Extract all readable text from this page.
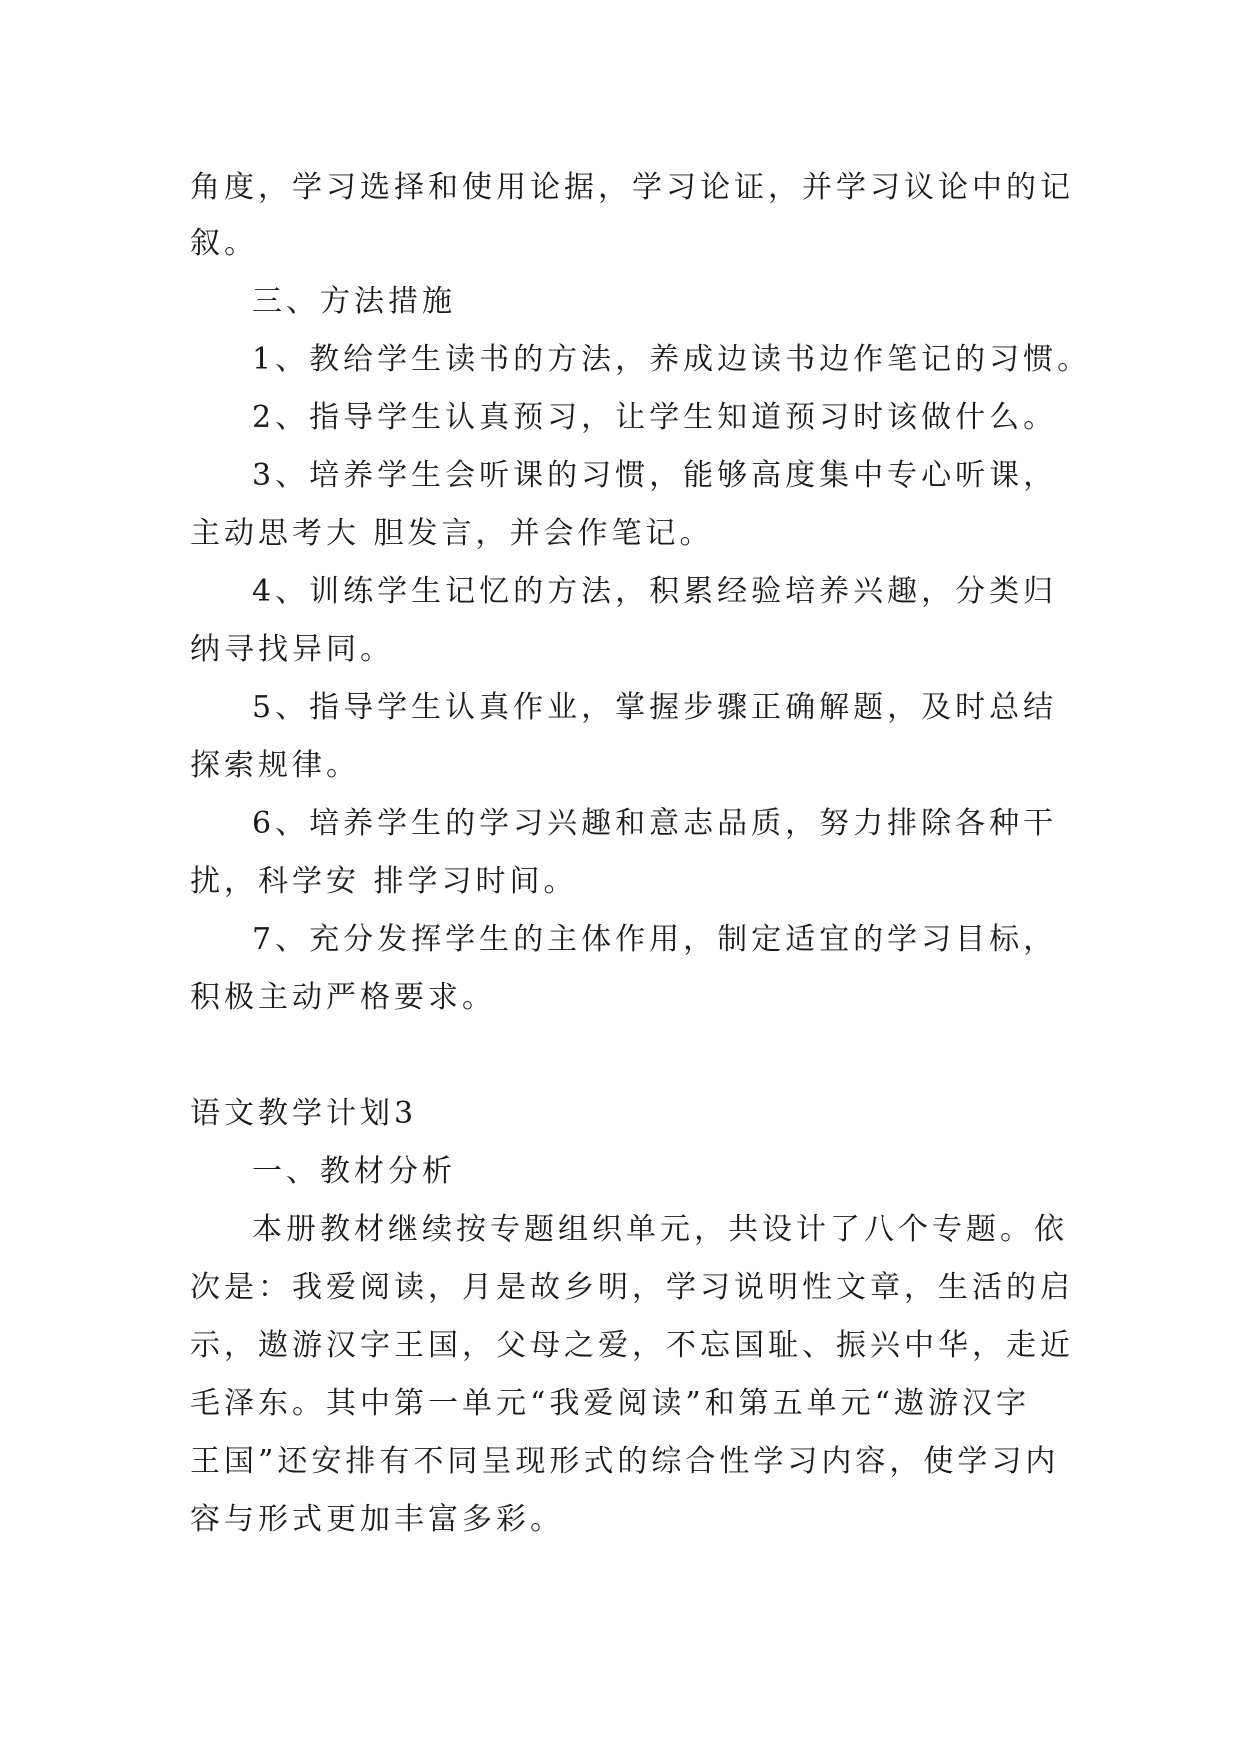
角度，学习选择和使用论据，学习论证，并学习议论中的记
叙。
三、方法措施
1、教给学生读书的方法，养成边读书边作笔记的习惯。
2、指导学生认真预习，让学生知道预习时该做什么。
3、培养学生会听课的习惯，能够高度集中专心听课，
主动思考大 胆发言，并会作笔记。
4、训练学生记忆的方法，积累经验培养兴趣，分类归
纳寻找异同。
5、指导学生认真作业，掌握步骤正确解题，及时总结
探索规律。
6、培养学生的学习兴趣和意志品质，努力排除各种干
扰，科学安 排学习时间。
7、充分发挥学生的主体作用，制定适宜的学习目标，
积极主动严格要求。
语文教学计划3
一、教材分析
本册教材继续按专题组织单元，共设计了八个专题。依
次是：我爱阅读，月是故乡明，学习说明性文章，生活的启
示，遨游汉字王国，父母之爱，不忘国耻、振兴中华，走近
毛泽东。其中第一单元“我爱阅读”和第五单元“遨游汉字
王国”还安排有不同呈现形式的综合性学习内容，使学习内
容与形式更加丰富多彩。
